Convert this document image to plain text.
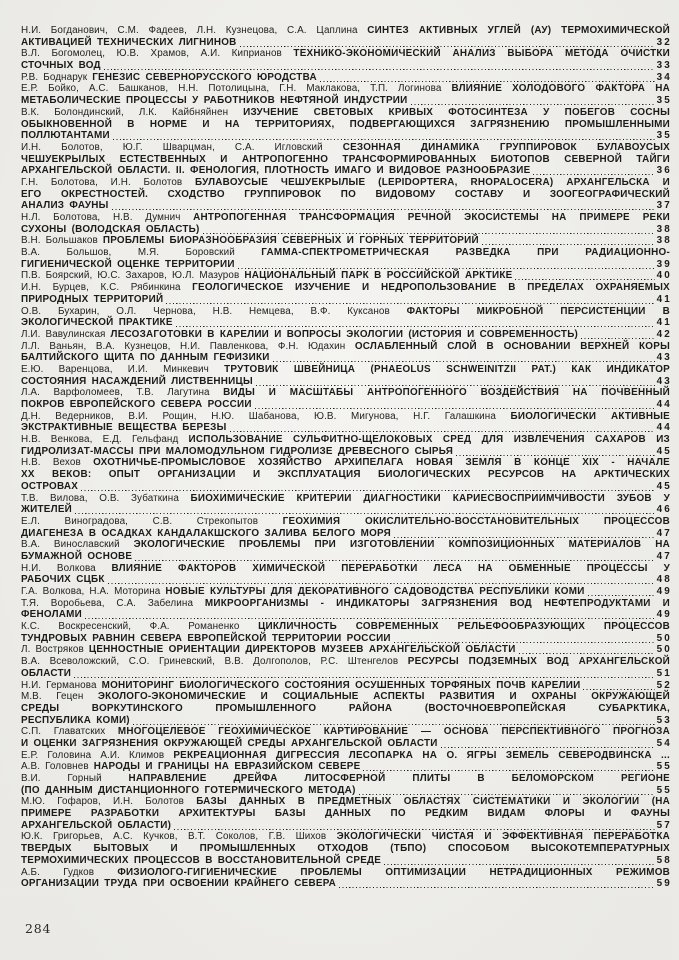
Н.И. Богданович, С.М. Фадеев, Л.Н. Кузнецова, С.А. Цаплина СИНТЕЗ АКТИВНЫХ УГЛЕЙ (АУ) ТЕРМОХИМИЧЕСКОЙ
АКТИВАЦИЕЙ ТЕХНИЧЕСКИХ ЛИГНИНОВ	32
В.Л. Богомолец, Ю.В. Храмов, А.И. Киприанов ТЕХНИКО-ЭКОНОМИЧЕСКИЙ АНАЛИЗ ВЫБОРА МЕТОДА ОЧИСТКИ
СТОЧНЫХ ВОД	33
Р.В. Боднарук ГЕНЕЗИС СЕВЕРНОРУССКОГО ЮРОДСТВА	34
Е.Р. Бойко, А.С. Башканов, Н.Н. Потолицына, Г.Н. Маклакова, Т.П. Логинова ВЛИЯНИЕ ХОЛОДОВОГО ФАКТОРА НА
МЕТАБОЛИЧЕСКИЕ ПРОЦЕССЫ У РАБОТНИКОВ НЕФТЯНОЙ ИНДУСТРИИ	35
В.К. Болондинский, Л.К. Кайбняйнен ИЗУЧЕНИЕ СВЕТОВЫХ КРИВЫХ ФОТОСИНТЕЗА У ПОБЕГОВ СОСНЫ
ОБЫКНОВЕННОЙ В НОРМЕ И НА ТЕРРИТОРИЯХ, ПОДВЕРГАЮЩИХСЯ ЗАГРЯЗНЕНИЮ ПРОМЫШЛЕННЫМИ
ПОЛЛЮТАНТАМИ	35
И.Н. Болотов, Ю.Г. Шварцман, С.А. Игловский СЕЗОННАЯ ДИНАМИКА ГРУППИРОВОК БУЛАВОУСЫХ
ЧЕШУЕКРЫЛЫХ ЕСТЕСТВЕННЫХ И АНТРОПОГЕННО ТРАНСФОРМИРОВАННЫХ БИОТОПОВ СЕВЕРНОЙ ТАЙГИ
АРХАНГЕЛЬСКОЙ ОБЛАСТИ. II. ФЕНОЛОГИЯ, ПЛОТНОСТЬ ИМАГО И ВИДОВОЕ РАЗНООБРАЗИЕ	36
Г.Н. Болотова, И.Н. Болотов БУЛАВОУСЫЕ ЧЕШУЕКРЫЛЫЕ (LEPIDOPTERA, RHOPALOCERA) АРХАНГЕЛЬСКА И
ЕГО ОКРЕСТНОСТЕЙ. СХОДСТВО ГРУППИРОВОК ПО ВИДОВОМУ СОСТАВУ И ЗООГЕОГРАФИЧЕСКИЙ
АНАЛИЗ ФАУНЫ	37
Н.Л. Болотова, Н.В. Думнич АНТРОПОГЕННАЯ ТРАНСФОРМАЦИЯ РЕЧНОЙ ЭКОСИСТЕМЫ НА ПРИМЕРЕ РЕКИ
СУХОНЫ (ВОЛОДСКАЯ ОБЛАСТЬ)	38
В.Н. Большаков ПРОБЛЕМЫ БИОРАЗНООБРАЗИЯ СЕВЕРНЫХ И ГОРНЫХ ТЕРРИТОРИЙ	38
В.А. Большов, М.Я. Боровский ГАММА-СПЕКТРОМЕТРИЧЕСКАЯ РАЗВЕДКА ПРИ РАДИАЦИОННО-
ГИГИЕНИЧЕСКОЙ ОЦЕНКЕ ТЕРРИТОРИИ	39
П.В. Боярский, Ю.С. Захаров, Ю.Л. Мазуров НАЦИОНАЛЬНЫЙ ПАРК В РОССИЙСКОЙ АРКТИКЕ	40
И.Н. Бурцев, К.С. Рябинкина ГЕОЛОГИЧЕСКОЕ ИЗУЧЕНИЕ И НЕДРОПОЛЬЗОВАНИЕ В ПРЕДЕЛАХ ОХРАНЯЕМЫХ
ПРИРОДНЫХ ТЕРРИТОРИЙ	41
О.В. Бухарин, О.Л. Чернова, Н.В. Немцева, В.Ф. Куксанов ФАКТОРЫ МИКРОБНОЙ ПЕРСИСТЕНЦИИ В
ЭКОЛОГИЧЕСКОЙ ПРАКТИКЕ	41
Л.И. Вавулинская ЛЕСОЗАГОТОВКИ В КАРЕЛИИ И ВОПРОСЫ ЭКОЛОГИИ (ИСТОРИЯ И СОВРЕМЕННОСТЬ)	42
Л.Л. Ваньян, В.А. Кузнецов, Н.И. Павленкова, Ф.Н. Юдахин ОСЛАБЛЕННЫЙ СЛОЙ В ОСНОВАНИИ ВЕРХНЕЙ КОРЫ
БАЛТИЙСКОГО ЩИТА ПО ДАННЫМ ГЕФИЗИКИ	43
Е.Ю. Варенцова, И.И. Минкевич ТРУТОВИК ШВЕЙНИЦА (PHAEOLUS SCHWEINITZII PAT.) КАК ИНДИКАТОР
СОСТОЯНИЯ НАСАЖДЕНИЙ ЛИСТВЕННИЦЫ	43
Л.А. Варфоломеев, Т.В. Лагутина ВИДЫ И МАСШТАБЫ АНТРОПОГЕННОГО ВОЗДЕЙСТВИЯ НА ПОЧВЕННЫЙ
ПОКРОВ ЕВРОПЕЙСКОГО СЕВЕРА РОССИИ	44
Д.Н. Ведерников, В.И. Рощин, Н.Ю. Шабанова, Ю.В. Мигунова, Н.Г. Галашкина БИОЛОГИЧЕСКИ АКТИВНЫЕ
ЭКСТРАКТИВНЫЕ ВЕЩЕСТВА БЕРЕЗЫ	44
Н.В. Венкова, Е.Д. Гельфанд ИСПОЛЬЗОВАНИЕ СУЛЬФИТНО-ЩЕЛОКОВЫХ СРЕД ДЛЯ ИЗВЛЕЧЕНИЯ САХАРОВ ИЗ
ГИДРОЛИЗАТ-МАССЫ ПРИ МАЛОМОДУЛЬНОМ ГИДРОЛИЗЕ ДРЕВЕСНОГО СЫРЬЯ	45
Н.В. Вехов ОХОТНИЧЬЕ-ПРОМЫСЛОВОЕ ХОЗЯЙСТВО АРХИПЕЛАГА НОВАЯ ЗЕМЛЯ В КОНЦЕ XIX - НАЧАЛЕ
XX ВЕКОВ: ОПЫТ ОРГАНИЗАЦИИ И ЭКСПЛУАТАЦИЯ БИОЛОГИЧЕСКИХ РЕСУРСОВ НА АРКТИЧЕСКИХ
ОСТРОВАХ	45
Т.В. Вилова, О.В. Зубаткина БИОХИМИЧЕСКИЕ КРИТЕРИИ ДИАГНОСТИКИ КАРИЕСВОСПРИИМЧИВОСТИ ЗУБОВ У
ЖИТЕЛЕЙ	46
Е.Л. Виноградова, С.В. Стрекопытов ГЕОХИМИЯ ОКИСЛИТЕЛЬНО-ВОССТАНОВИТЕЛЬНЫХ ПРОЦЕССОВ
ДИАГЕНЕЗА В ОСАДКАХ КАНДАЛАКШСКОГО ЗАЛИВА БЕЛОГО МОРЯ	47
В.А. Винославский ЭКОЛОГИЧЕСКИЕ ПРОБЛЕМЫ ПРИ ИЗГОТОВЛЕНИИ КОМПОЗИЦИОННЫХ МАТЕРИАЛОВ НА
БУМАЖНОЙ ОСНОВЕ	47
Н.И. Волкова ВЛИЯНИЕ ФАКТОРОВ ХИМИЧЕСКОЙ ПЕРЕРАБОТКИ ЛЕСА НА ОБМЕННЫЕ ПРОЦЕССЫ У
РАБОЧИХ СЦБК	48
Г.А. Волкова, Н.А. Моторина НОВЫЕ КУЛЬТУРЫ ДЛЯ ДЕКОРАТИВНОГО САДОВОДСТВА РЕСПУБЛИКИ КОМИ	49
Т.Я. Воробьева, С.А. Забелина МИКРООРГАНИЗМЫ - ИНДИКАТОРЫ ЗАГРЯЗНЕНИЯ ВОД НЕФТЕПРОДУКТАМИ И
ФЕНОЛАМИ	49
К.С. Воскресенский, Ф.А. Романенко ЦИКЛИЧНОСТЬ СОВРЕМЕННЫХ РЕЛЬЕФООБРАЗУЮЩИХ ПРОЦЕССОВ
ТУНДРОВЫХ РАВНИН СЕВЕРА ЕВРОПЕЙСКОЙ ТЕРРИТОРИИ РОССИИ	50
Л. Востряков ЦЕННОСТНЫЕ ОРИЕНТАЦИИ ДИРЕКТОРОВ МУЗЕЕВ АРХАНГЕЛЬСКОЙ ОБЛАСТИ	50
В.А. Всеволожский, С.О. Гриневский, В.В. Долгополов, Р.С. Штенгелов РЕСУРСЫ ПОДЗЕМНЫХ ВОД АРХАНГЕЛЬСКОЙ
ОБЛАСТИ	51
Н.И. Германова МОНИТОРИНГ БИОЛОГИЧЕСКОГО СОСТОЯНИЯ ОСУШЕННЫХ ТОРФЯНЫХ ПОЧВ КАРЕЛИИ	52
М.В. Гецен ЭКОЛОГО-ЭКОНОМИЧЕСКИЕ И СОЦИАЛЬНЫЕ АСПЕКТЫ РАЗВИТИЯ И ОХРАНЫ ОКРУЖАЮЩЕЙ
СРЕДЫ ВОРКУТИНСКОГО ПРОМЫШЛЕННОГО РАЙОНА (ВОСТОЧНОЕВРОПЕЙСКАЯ СУБАРКТИКА,
РЕСПУБЛИКА КОМИ)	53
С.П. Главатских МНОГОЦЕЛЕВОЕ ГЕОХИМИЧЕСКОЕ КАРТИРОВАНИЕ — ОСНОВА ПЕРСПЕКТИВНОГО ПРОГНОЗА
И ОЦЕНКИ ЗАГРЯЗНЕНИЯ ОКРУЖАЮЩЕЙ СРЕДЫ АРХАНГЕЛЬСКОЙ ОБЛАСТИ	54
Е.Р. Головина А.И. Климов РЕКРЕАЦИОННАЯ ДИГРЕССИЯ ЛЕСОПАРКА НА О. ЯГРЫ ЗЕМЕЛЬ СЕВЕРОДВИНСКА ...
А.В. Головнев НАРОДЫ И ГРАНИЦЫ НА ЕВРАЗИЙСКОМ СЕВЕРЕ	55
В.И. Горный НАПРАВЛЕНИЕ ДРЕЙФА ЛИТОСФЕРНОЙ ПЛИТЫ В БЕЛОМОРСКОМ РЕГИОНЕ
(ПО ДАННЫМ ДИСТАНЦИОННОГО ГОТЕРМИЧЕСКОГО МЕТОДА)	55
М.Ю. Гофаров, И.Н. Болотов БАЗЫ ДАННЫХ В ПРЕДМЕТНЫХ ОБЛАСТЯХ СИСТЕМАТИКИ И ЭКОЛОГИИ (НА
ПРИМЕРЕ РАЗРАБОТКИ АРХИТЕКТУРЫ БАЗЫ ДАННЫХ ПО РЕДКИМ ВИДАМ ФЛОРЫ И ФАУНЫ
АРХАНГЕЛЬСКОЙ ОБЛАСТИ)	57
Ю.К. Григорьев, А.С. Кучков, В.Т. Соколов, Г.В. Шихов ЭКОЛОГИЧЕСКИ ЧИСТАЯ И ЭФФЕКТИВНАЯ ПЕРЕРАБОТКА
ТВЕРДЫХ БЫТОВЫХ И ПРОМЫШЛЕННЫХ ОТХОДОВ (ТБПО) СПОСОБОМ ВЫСОКОТЕМПЕРАТУРНЫХ
ТЕРМОХИМИЧЕСКИХ ПРОЦЕССОВ В ВОССТАНОВИТЕЛЬНОЙ СРЕДЕ	58
А.Б. Гудков ФИЗИОЛОГО-ГИГИЕНИЧЕСКИЕ ПРОБЛЕМЫ ОПТИМИЗАЦИИ НЕТРАДИЦИОННЫХ РЕЖИМОВ
ОРГАНИЗАЦИИ ТРУДА ПРИ ОСВОЕНИИ КРАЙНЕГО СЕВЕРА	59
284
